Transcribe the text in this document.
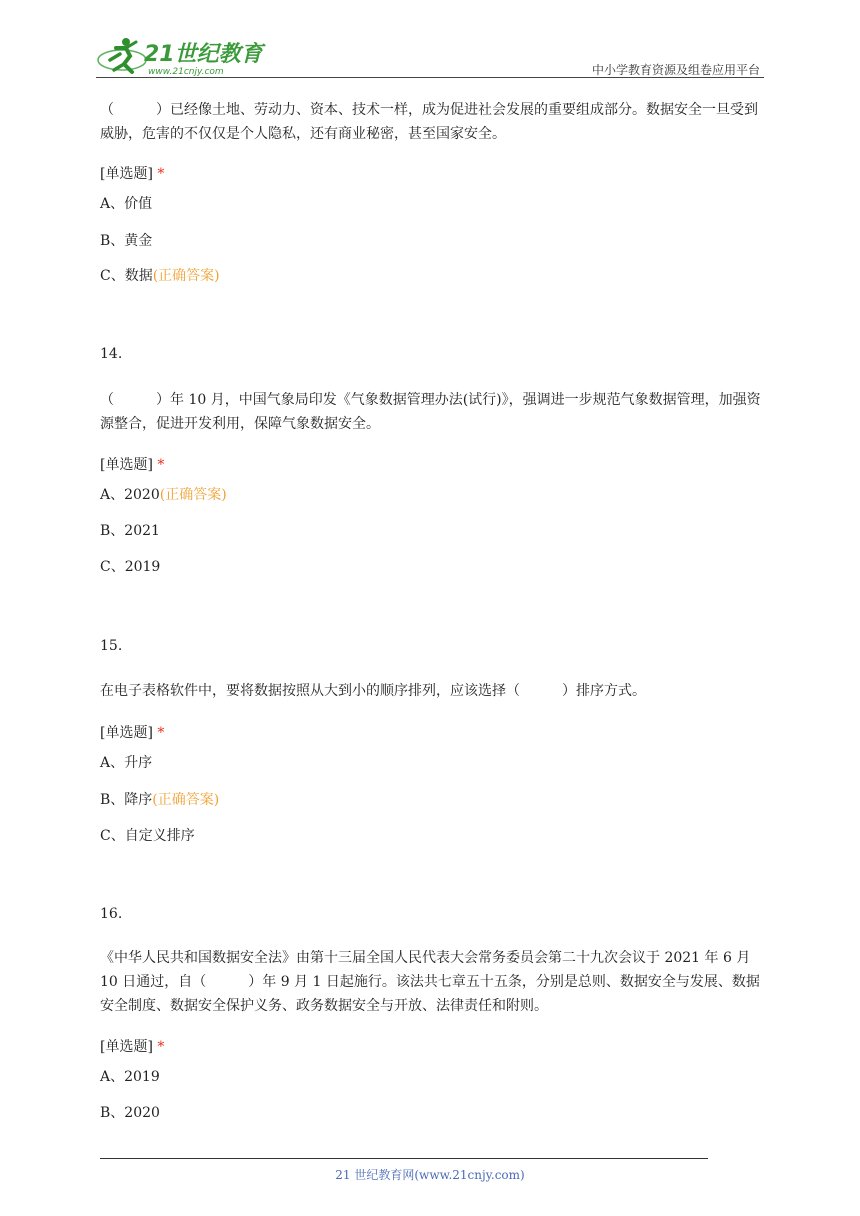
21世纪教育
www.21cnjy.com	中小学教育资源及组卷应用平台

（　　　）已经像土地、劳动力、资本、技术一样，成为促进社会发展的重要组成部分。数据安全一旦受到威胁，危害的不仅仅是个人隐私，还有商业秘密，甚至国家安全。

[单选题] *
A、价值
B、黄金
C、数据(正确答案)
14.

（　　　）年 10 月，中国气象局印发《气象数据管理办法(试行)》，强调进一步规范气象数据管理，加强资源整合，促进开发利用，保障气象数据安全。

[单选题] *
A、2020(正确答案)
B、2021
C、2019
15.

在电子表格软件中，要将数据按照从大到小的顺序排列，应该选择（　　　）排序方式。

[单选题] *
A、升序
B、降序(正确答案)
C、自定义排序
16.

《中华人民共和国数据安全法》由第十三届全国人民代表大会常务委员会第二十九次会议于 2021 年 6 月 10 日通过，自（　　　）年 9 月 1 日起施行。该法共七章五十五条，分别是总则、数据安全与发展、数据安全制度、数据安全保护义务、政务数据安全与开放、法律责任和附则。

[单选题] *
A、2019
B、2020
21 世纪教育网(www.21cnjy.com)
